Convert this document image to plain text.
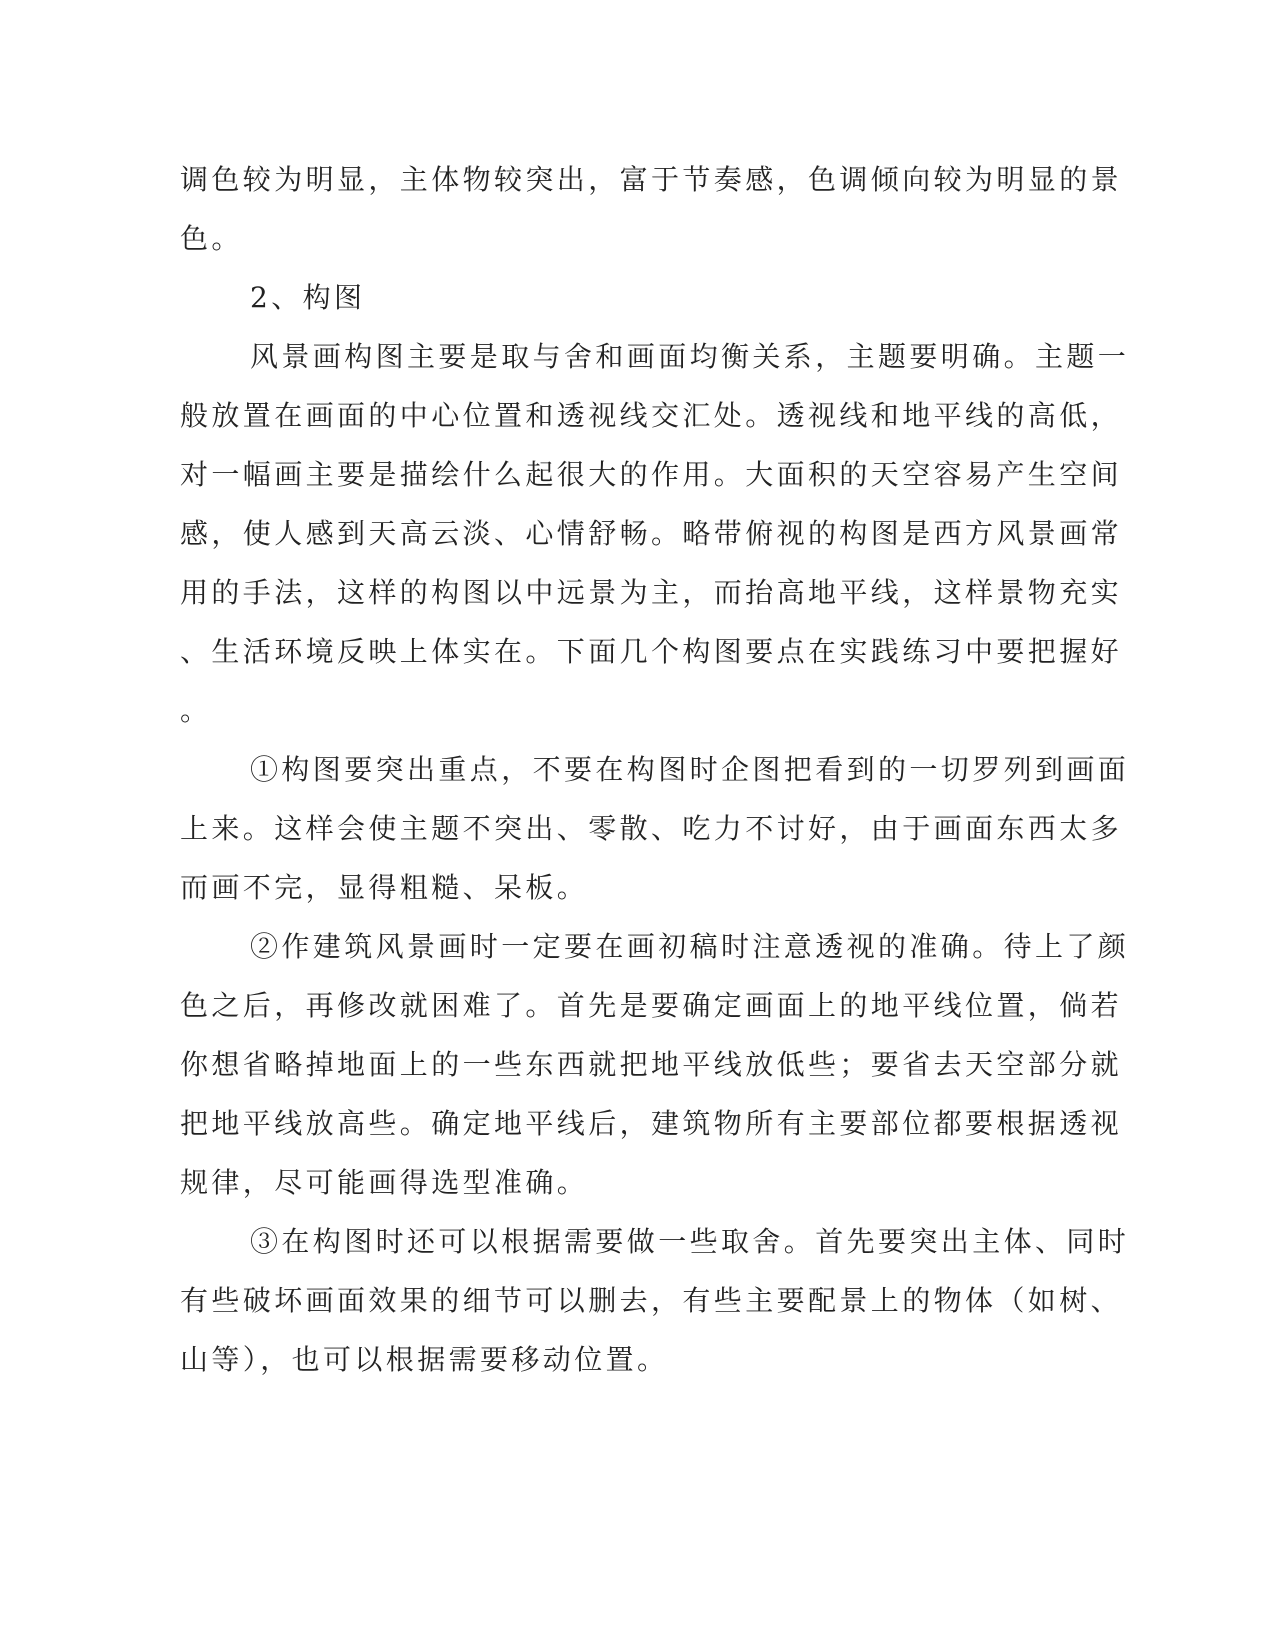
调色较为明显，主体物较突出，富于节奏感，色调倾向较为明显的景
色。
2、构图
风景画构图主要是取与舍和画面均衡关系，主题要明确。主题一
般放置在画面的中心位置和透视线交汇处。透视线和地平线的高低，
对一幅画主要是描绘什么起很大的作用。大面积的天空容易产生空间
感，使人感到天高云淡、心情舒畅。略带俯视的构图是西方风景画常
用的手法，这样的构图以中远景为主，而抬高地平线，这样景物充实
、生活环境反映上体实在。下面几个构图要点在实践练习中要把握好
。
①构图要突出重点，不要在构图时企图把看到的一切罗列到画面
上来。这样会使主题不突出、零散、吃力不讨好，由于画面东西太多
而画不完，显得粗糙、呆板。
②作建筑风景画时一定要在画初稿时注意透视的准确。待上了颜
色之后，再修改就困难了。首先是要确定画面上的地平线位置，倘若
你想省略掉地面上的一些东西就把地平线放低些；要省去天空部分就
把地平线放高些。确定地平线后，建筑物所有主要部位都要根据透视
规律，尽可能画得选型准确。
③在构图时还可以根据需要做一些取舍。首先要突出主体、同时
有些破坏画面效果的细节可以删去，有些主要配景上的物体（如树、
山等），也可以根据需要移动位置。
